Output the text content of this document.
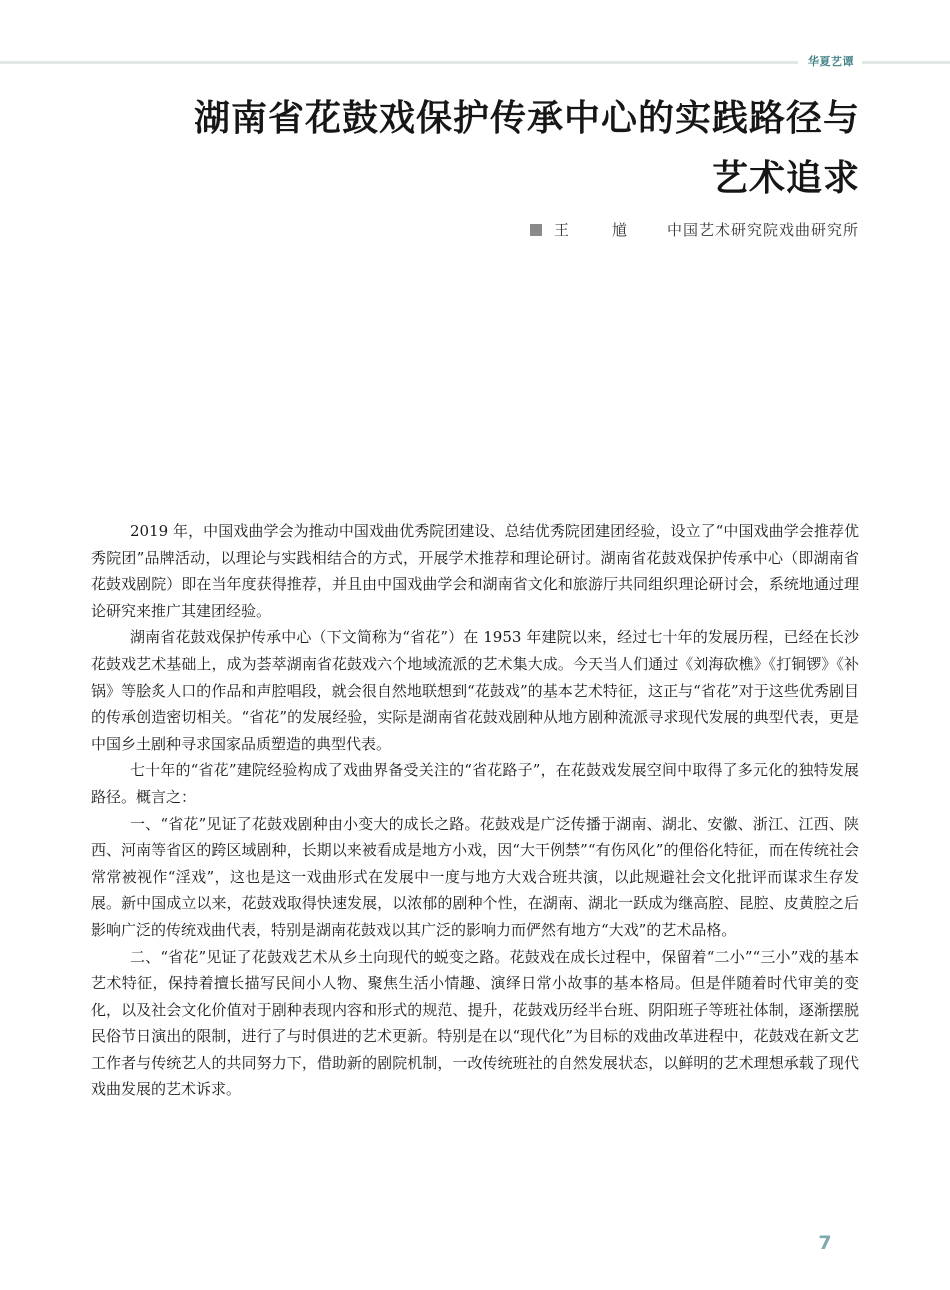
华夏艺谭
湖南省花鼓戏保护传承中心的实践路径与
艺术追求
王　馗 中国艺术研究院戏曲研究所

2019 年，中国戏曲学会为推动中国戏曲优秀院团建设、总结优秀院团建团经验，设立了“中国戏曲学会推荐优秀院团”品牌活动，以理论与实践相结合的方式，开展学术推荐和理论研讨。湖南省花鼓戏保护传承中心（即湖南省花鼓戏剧院）即在当年度获得推荐，并且由中国戏曲学会和湖南省文化和旅游厅共同组织理论研讨会，系统地通过理论研究来推广其建团经验。

湖南省花鼓戏保护传承中心（下文简称为“省花”）在 1953 年建院以来，经过七十年的发展历程，已经在长沙花鼓戏艺术基础上，成为荟萃湖南省花鼓戏六个地域流派的艺术集大成。今天当人们通过《刘海砍樵》《打铜锣》《补锅》等脍炙人口的作品和声腔唱段，就会很自然地联想到“花鼓戏”的基本艺术特征，这正与“省花”对于这些优秀剧目的传承创造密切相关。“省花”的发展经验，实际是湖南省花鼓戏剧种从地方剧种流派寻求现代发展的典型代表，更是中国乡土剧种寻求国家品质塑造的典型代表。

七十年的“省花”建院经验构成了戏曲界备受关注的“省花路子”，在花鼓戏发展空间中取得了多元化的独特发展路径。概言之：

一、“省花”见证了花鼓戏剧种由小变大的成长之路。花鼓戏是广泛传播于湖南、湖北、安徽、浙江、江西、陕西、河南等省区的跨区域剧种，长期以来被看成是地方小戏，因“大干例禁”“有伤风化”的俚俗化特征，而在传统社会常常被视作“淫戏”，这也是这一戏曲形式在发展中一度与地方大戏合班共演，以此规避社会文化批评而谋求生存发展。新中国成立以来，花鼓戏取得快速发展，以浓郁的剧种个性，在湖南、湖北一跃成为继高腔、昆腔、皮黄腔之后影响广泛的传统戏曲代表，特别是湖南花鼓戏以其广泛的影响力而俨然有地方“大戏”的艺术品格。

二、“省花”见证了花鼓戏艺术从乡土向现代的蜕变之路。花鼓戏在成长过程中，保留着“二小”“三小”戏的基本艺术特征，保持着擅长描写民间小人物、聚焦生活小情趣、演绎日常小故事的基本格局。但是伴随着时代审美的变化，以及社会文化价值对于剧种表现内容和形式的规范、提升，花鼓戏历经半台班、阴阳班子等班社体制，逐渐摆脱民俗节日演出的限制，进行了与时俱进的艺术更新。特别是在以“现代化”为目标的戏曲改革进程中，花鼓戏在新文艺工作者与传统艺人的共同努力下，借助新的剧院机制，一改传统班社的自然发展状态，以鲜明的艺术理想承载了现代戏曲发展的艺术诉求。

7
